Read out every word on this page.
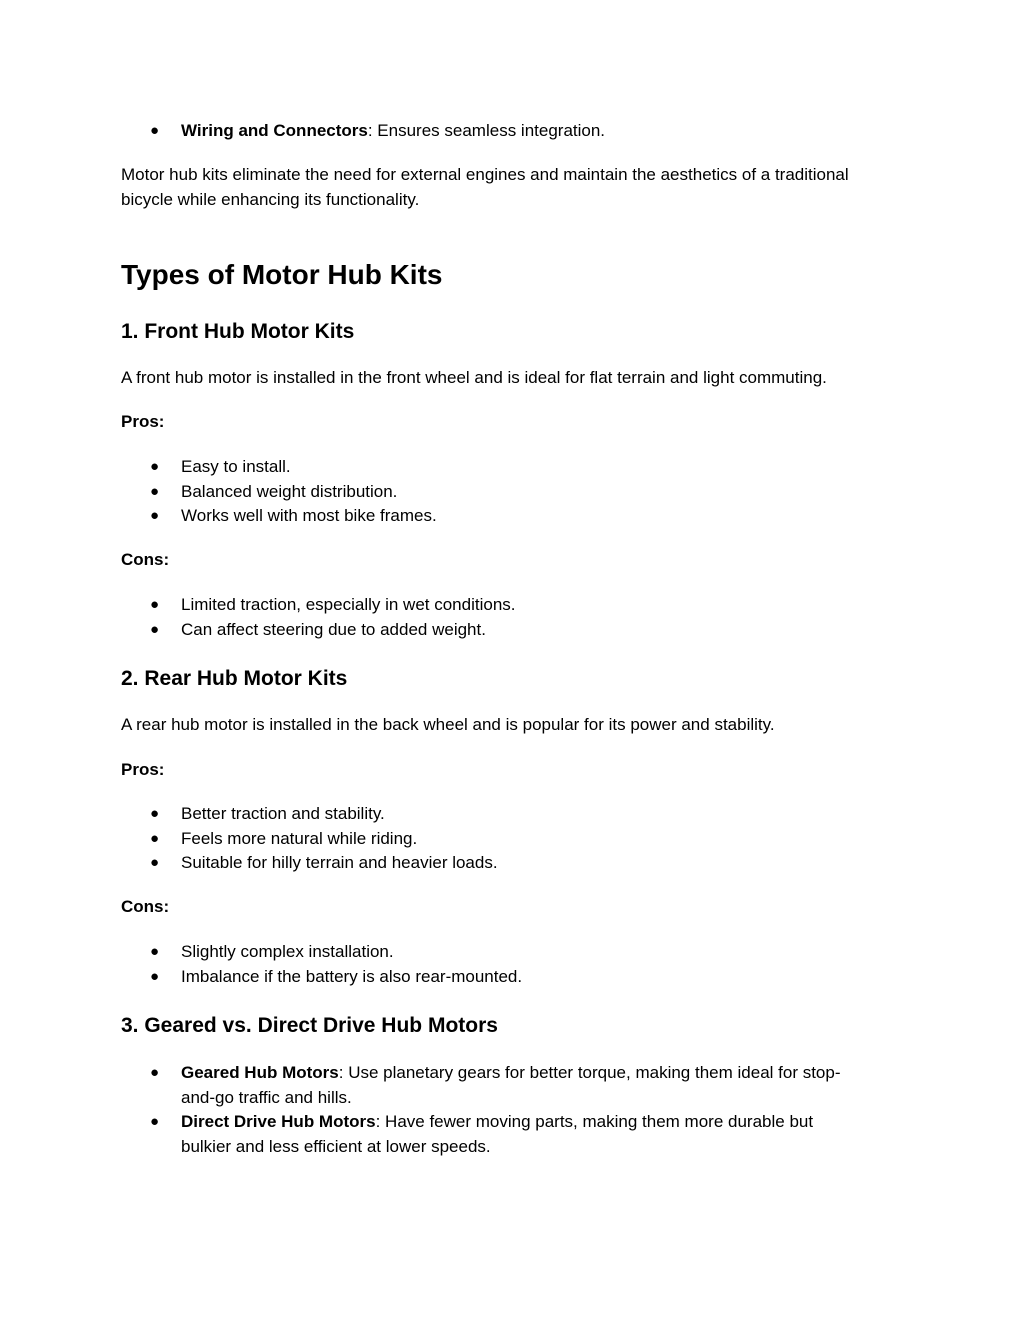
● Wiring and Connectors: Ensures seamless integration.

Motor hub kits eliminate the need for external engines and maintain the aesthetics of a traditional bicycle while enhancing its functionality.

Types of Motor Hub Kits
1. Front Hub Motor Kits

A front hub motor is installed in the front wheel and is ideal for flat terrain and light commuting.

Pros:

● Easy to install.
● Balanced weight distribution.
● Works well with most bike frames.

Cons:

● Limited traction, especially in wet conditions.
● Can affect steering due to added weight.
2. Rear Hub Motor Kits

A rear hub motor is installed in the back wheel and is popular for its power and stability.

Pros:

● Better traction and stability.
● Feels more natural while riding.
● Suitable for hilly terrain and heavier loads.

Cons:

● Slightly complex installation.
● Imbalance if the battery is also rear-mounted.
3. Geared vs. Direct Drive Hub Motors
● Geared Hub Motors: Use planetary gears for better torque, making them ideal for stop-and-go traffic and hills.
● Direct Drive Hub Motors: Have fewer moving parts, making them more durable but bulkier and less efficient at lower speeds.
